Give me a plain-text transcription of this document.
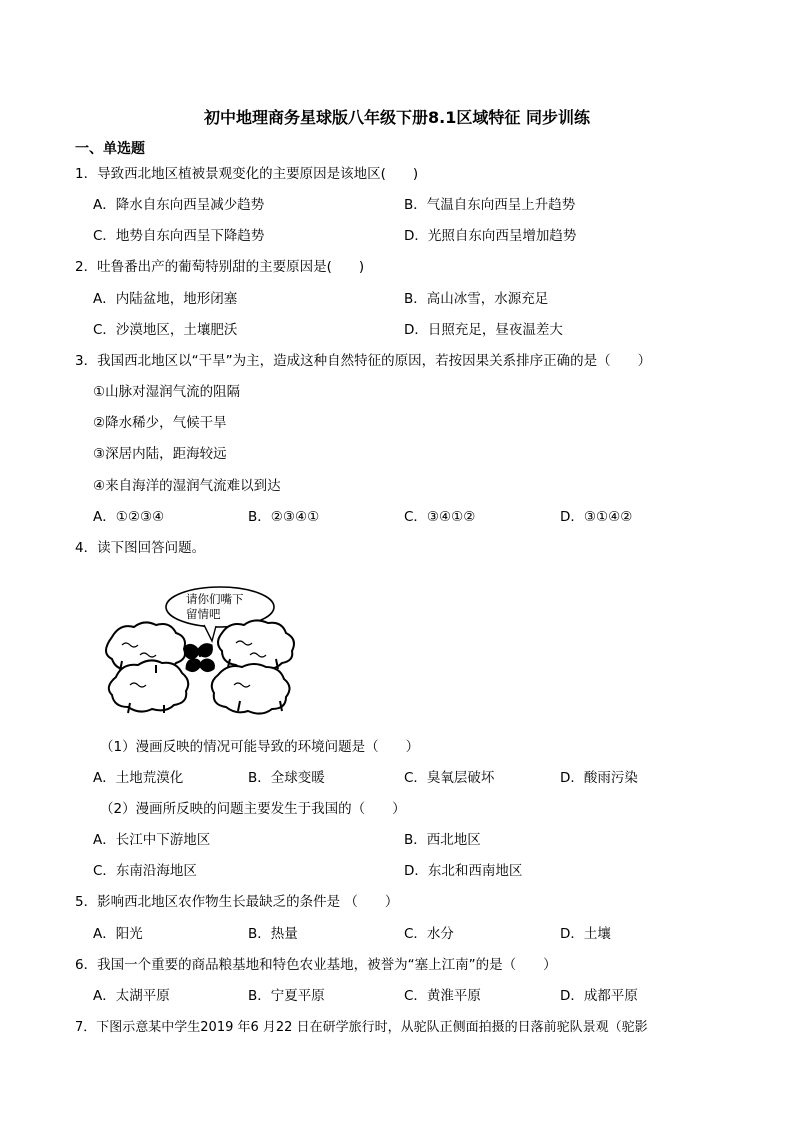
初中地理商务星球版八年级下册8.1区域特征 同步训练
一、单选题
1．导致西北地区植被景观变化的主要原因是该地区(　　)
A．降水自东向西呈减少趋势	B．气温自东向西呈上升趋势
C．地势自东向西呈下降趋势	D．光照自东向西呈增加趋势
2．吐鲁番出产的葡萄特别甜的主要原因是(　　)
A．内陆盆地，地形闭塞	B．高山冰雪，水源充足
C．沙漠地区，土壤肥沃	D．日照充足，昼夜温差大
3．我国西北地区以“干旱”为主，造成这种自然特征的原因，若按因果关系排序正确的是（　　）
①山脉对湿润气流的阻隔
②降水稀少，气候干旱
③深居内陆，距海较远
④来自海洋的湿润气流难以到达
A．①②③④	B．②③④①	C．③④①②	D．③①④②
4．读下图回答问题。
请你们嘴下
留情吧
（1）漫画反映的情况可能导致的环境问题是（　　）
A．土地荒漠化	B．全球变暖	C．臭氧层破坏	D．酸雨污染
（2）漫画所反映的问题主要发生于我国的（　　）
A．长江中下游地区	B．西北地区
C．东南沿海地区	D．东北和西南地区
5．影响西北地区农作物生长最缺乏的条件是 （　　）
A．阳光	B．热量	C．水分	D．土壤
6．我国一个重要的商品粮基地和特色农业基地，被誉为“塞上江南”的是（　　）
A．太湖平原	B．宁夏平原	C．黄淮平原	D．成都平原
7．下图示意某中学生2019 年6 月22 日在研学旅行时，从驼队正侧面拍摄的日落前驼队景观（驼影
